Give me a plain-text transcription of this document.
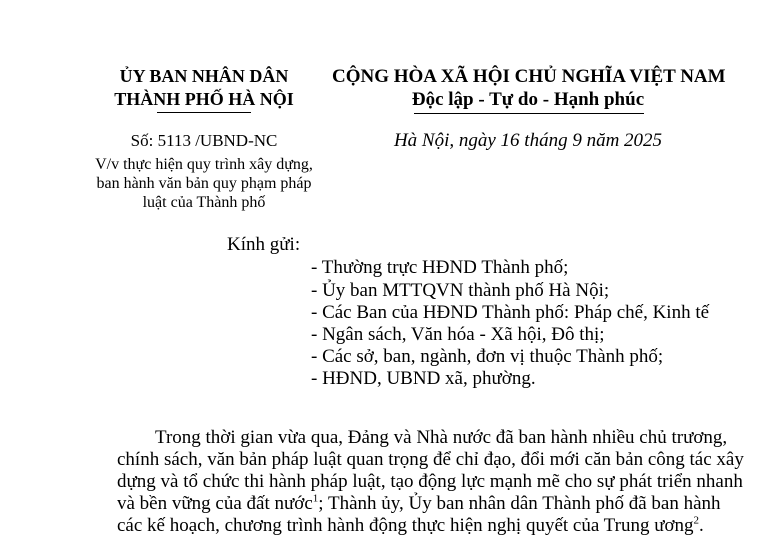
ỦY BAN NHÂN DÂN
THÀNH PHỐ HÀ NỘI
CỘNG HÒA XÃ HỘI CHỦ NGHĨA VIỆT NAM
Độc lập - Tự do - Hạnh phúc
Số: 5113 /UBND-NC	Hà Nội, ngày 16 tháng 9 năm 2025
V/v thực hiện quy trình xây dựng,
ban hành văn bản quy phạm pháp
luật của Thành phố
Kính gửi:
- Thường trực HĐND Thành phố;
- Ủy ban MTTQVN thành phố Hà Nội;
- Các Ban của HĐND Thành phố: Pháp chế, Kinh tế
- Ngân sách, Văn hóa - Xã hội, Đô thị;
- Các sở, ban, ngành, đơn vị thuộc Thành phố;
- HĐND, UBND xã, phường.
Trong thời gian vừa qua, Đảng và Nhà nước đã ban hành nhiều chủ trương,
chính sách, văn bản pháp luật quan trọng để chỉ đạo, đổi mới căn bản công tác xây
dựng và tổ chức thi hành pháp luật, tạo động lực mạnh mẽ cho sự phát triển nhanh
và bền vững của đất nước$^1$; Thành ủy, Ủy ban nhân dân Thành phố đã ban hành
các kế hoạch, chương trình hành động thực hiện nghị quyết của Trung ương$^2$.
